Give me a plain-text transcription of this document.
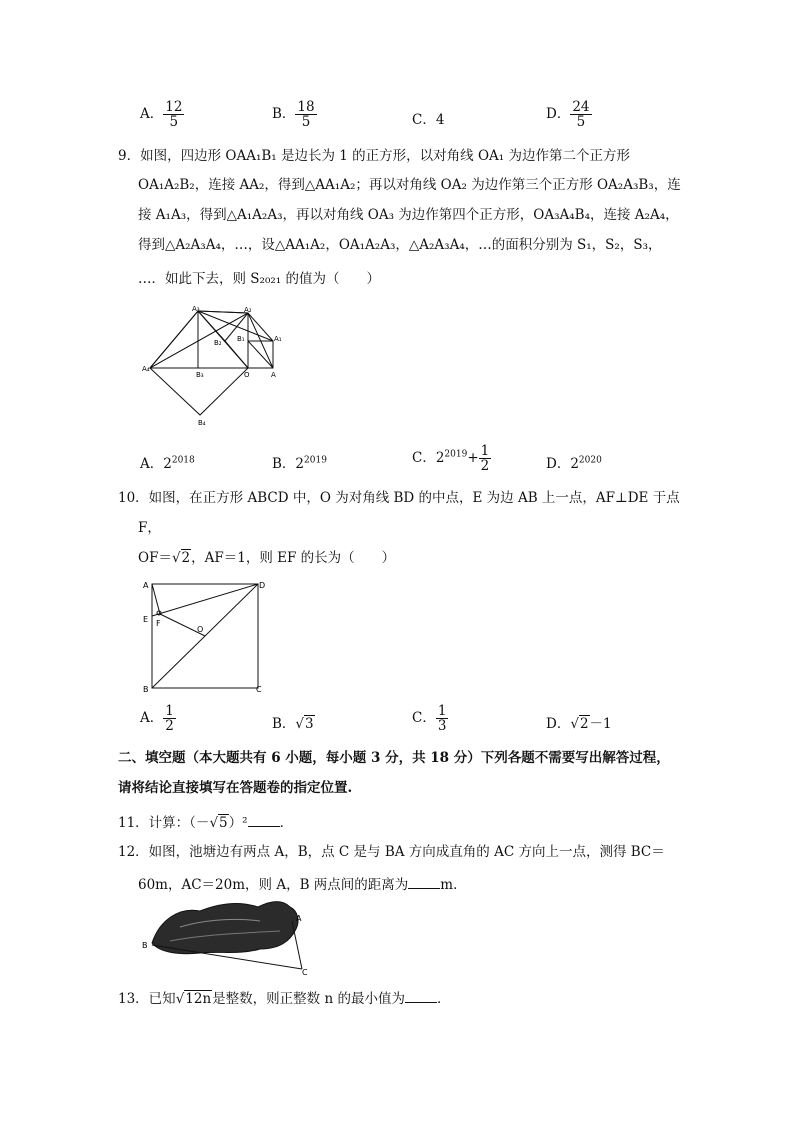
A． $\frac{12}{5}$	B． $\frac{18}{5}$	C．4	D． $\frac{24}{5}$
9．如图，四边形 OAA₁B₁ 是边长为 1 的正方形，以对角线 OA₁ 为边作第二个正方形
OA₁A₂B₂，连接 AA₂，得到△AA₁A₂；再以对角线 OA₂ 为边作第三个正方形 OA₂A₃B₃，连
接 A₁A₃，得到△A₁A₂A₃，再以对角线 OA₃ 为边作第四个正方形，OA₃A₄B₄，连接 A₂A₄，
得到△A₂A₃A₄，…，设△AA₁A₂，OA₁A₂A₃，△A₂A₃A₄，…的面积分别为 S₁，S₂，S₃，
…．如此下去，则 S₂₀₂₁ 的值为（　　）
A₃	A₂
A₁
A₄
B₃
B₂ B₁
O	A
B₄
A．$2^{2018}$	B．$2^{2019}$	C．$2^{2019}+ \frac{1}{2}$	D．$2^{2020}$
10．如图，在正方形 ABCD 中，O 为对角线 BD 的中点，E 为边 AB 上一点，AF⊥DE 于点
F，
OF＝√2，AF＝1，则 EF 的长为（　　）
A	D
E F
O
B	C
A． $\frac{1}{2}$	B．√3	C． $\frac{1}{3}$	D．√2－1
二、填空题（本大题共有 6 小题，每小题 3 分，共 18 分）下列各题不需要写出解答过程，
请将结论直接填写在答题卷的指定位置.
11．计算：（－√5）² ．
12．如图，池塘边有两点 A，B，点 C 是与 BA 方向成直角的 AC 方向上一点，测得 BC＝
60m，AC＝20m，则 A，B 两点间的距离为 m．
B
A
C
13．已知√12n是整数，则正整数 n 的最小值为 ．
